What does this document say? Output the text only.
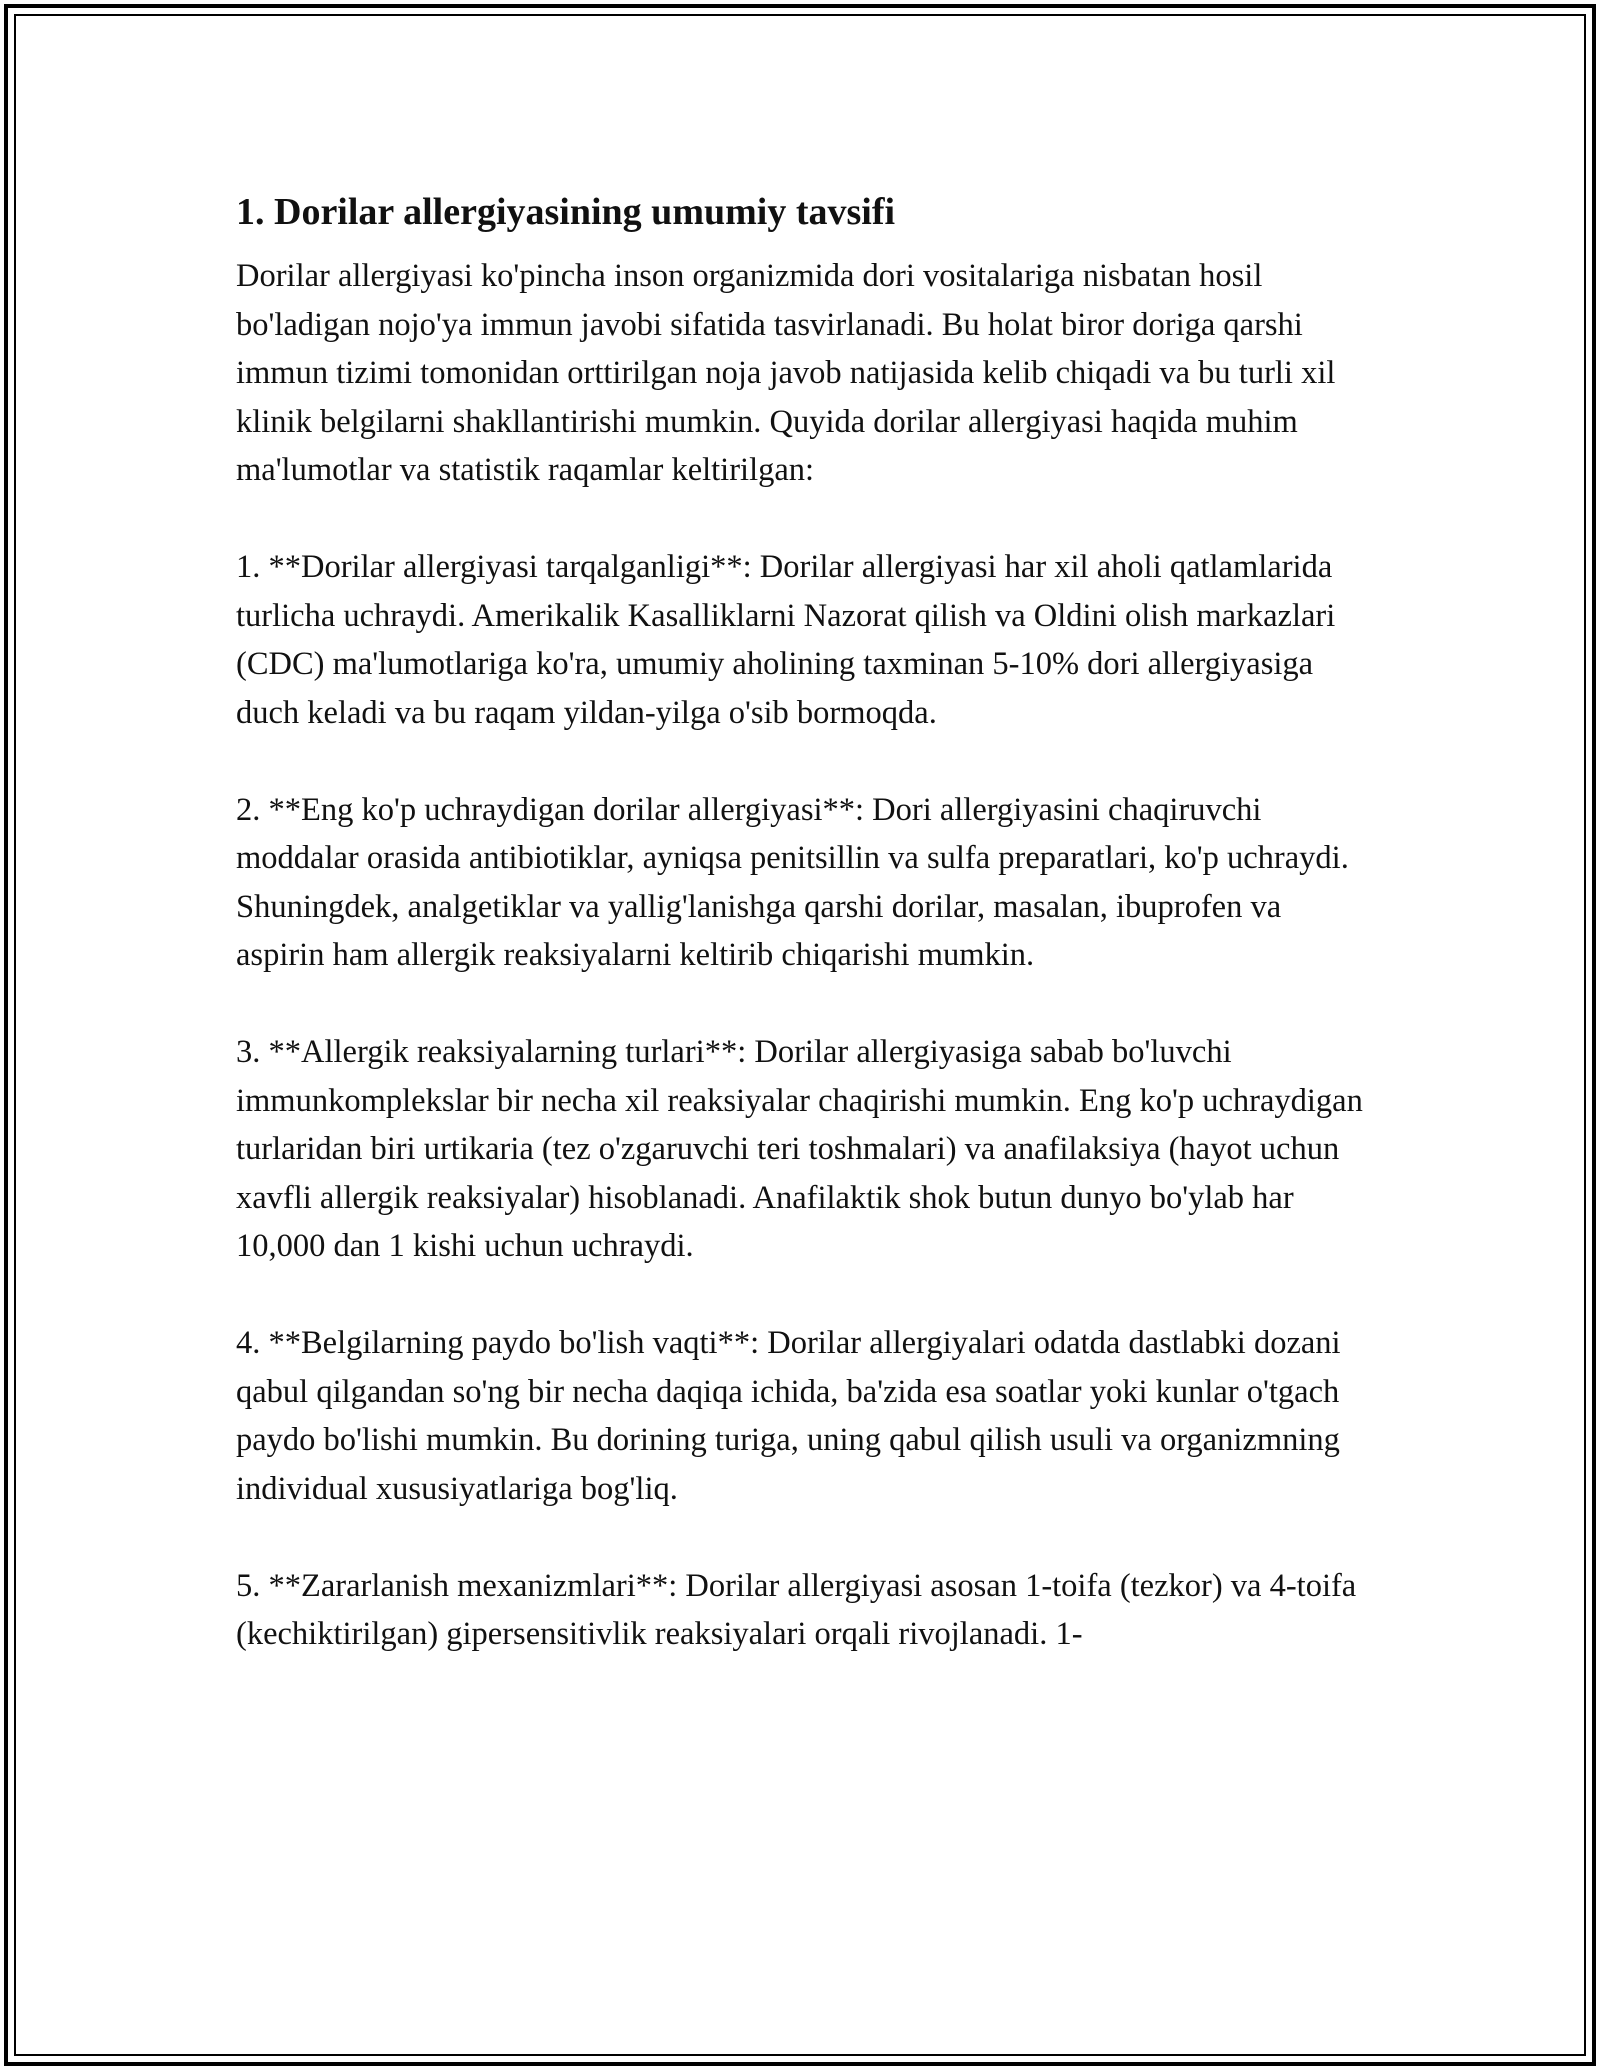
1. Dorilar allergiyasining umumiy tavsifi

Dorilar allergiyasi ko'pincha inson organizmida dori vositalariga nisbatan hosil bo'ladigan nojo'ya immun javobi sifatida tasvirlanadi. Bu holat biror doriga qarshi immun tizimi tomonidan orttirilgan noja javob natijasida kelib chiqadi va bu turli xil klinik belgilarni shakllantirishi mumkin. Quyida dorilar allergiyasi haqida muhim ma'lumotlar va statistik raqamlar keltirilgan:

1. **Dorilar allergiyasi tarqalganligi**: Dorilar allergiyasi har xil aholi qatlamlarida turlicha uchraydi. Amerikalik Kasalliklarni Nazorat qilish va Oldini olish markazlari (CDC) ma'lumotlariga ko'ra, umumiy aholining taxminan 5-10% dori allergiyasiga duch keladi va bu raqam yildan-yilga o'sib bormoqda.

2. **Eng ko'p uchraydigan dorilar allergiyasi**: Dori allergiyasini chaqiruvchi moddalar orasida antibiotiklar, ayniqsa penitsillin va sulfa preparatlari, ko'p uchraydi. Shuningdek, analgetiklar va yallig'lanishga qarshi dorilar, masalan, ibuprofen va aspirin ham allergik reaksiyalarni keltirib chiqarishi mumkin.

3. **Allergik reaksiyalarning turlari**: Dorilar allergiyasiga sabab bo'luvchi immunkomplekslar bir necha xil reaksiyalar chaqirishi mumkin. Eng ko'p uchraydigan turlaridan biri urtikaria (tez o'zgaruvchi teri toshmalari) va anafilaksiya (hayot uchun xavfli allergik reaksiyalar) hisoblanadi. Anafilaktik shok butun dunyo bo'ylab har 10,000 dan 1 kishi uchun uchraydi.

4. **Belgilarning paydo bo'lish vaqti**: Dorilar allergiyalari odatda dastlabki dozani qabul qilgandan so'ng bir necha daqiqa ichida, ba'zida esa soatlar yoki kunlar o'tgach paydo bo'lishi mumkin. Bu dorining turiga, uning qabul qilish usuli va organizmning individual xususiyatlariga bog'liq.

5. **Zararlanish mexanizmlari**: Dorilar allergiyasi asosan 1-toifa (tezkor) va 4-toifa (kechiktirilgan) gipersensitivlik reaksiyalari orqali rivojlanadi. 1-
